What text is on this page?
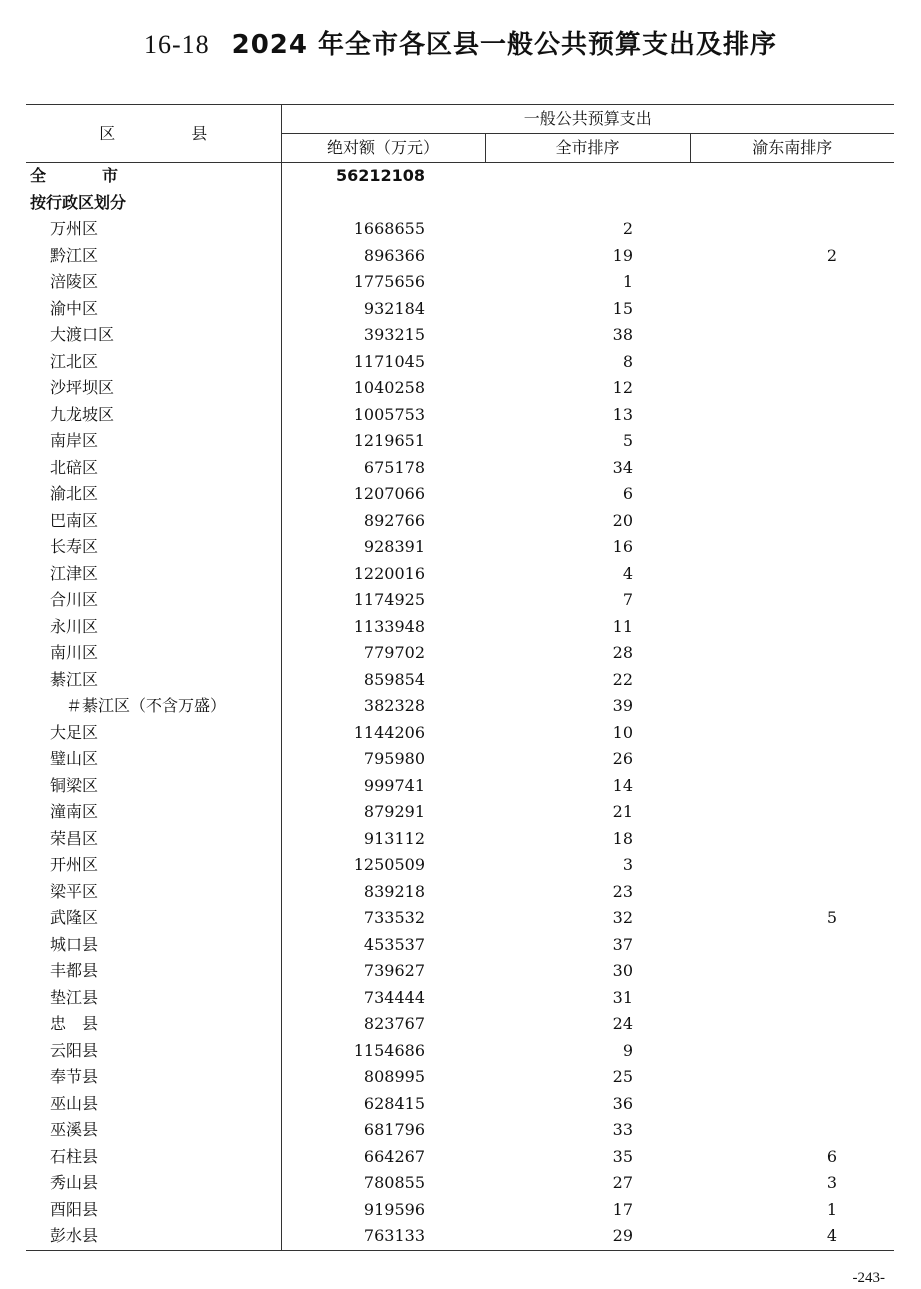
16-18 2024 年全市各区县一般公共预算支出及排序
区　县	一般公共预算支出		
	绝对额（万元）	全市排序	渝东南排序
全　市	56212108		
按行政区划分			
万州区	1668655	2	
黔江区	896366	19	2
涪陵区	1775656	1	
渝中区	932184	15	
大渡口区	393215	38	
江北区	1171045	8	
沙坪坝区	1040258	12	
九龙坡区	1005753	13	
南岸区	1219651	5	
北碚区	675178	34	
渝北区	1207066	6	
巴南区	892766	20	
长寿区	928391	16	
江津区	1220016	4	
合川区	1174925	7	
永川区	1133948	11	
南川区	779702	28	
綦江区	859854	22	
＃綦江区（不含万盛）	382328	39	
大足区	1144206	10	
璧山区	795980	26	
铜梁区	999741	14	
潼南区	879291	21	
荣昌区	913112	18	
开州区	1250509	3	
梁平区	839218	23	
武隆区	733532	32	5
城口县	453537	37	
丰都县	739627	30	
垫江县	734444	31	
忠　县	823767	24	
云阳县	1154686	9	
奉节县	808995	25	
巫山县	628415	36	
巫溪县	681796	33	
石柱县	664267	35	6
秀山县	780855	27	3
酉阳县	919596	17	1
彭水县	763133	29	4
-243-
